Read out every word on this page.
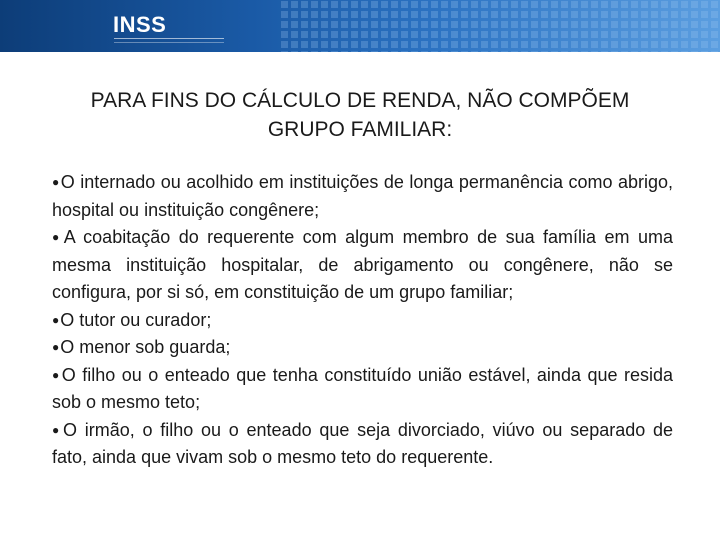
INSS
PARA FINS DO CÁLCULO DE RENDA, NÃO COMPÕEM
GRUPO FAMILIAR:

●O internado ou acolhido em instituições de longa permanência como abrigo, hospital ou instituição congênere;

●A coabitação do requerente com algum membro de sua família em uma mesma instituição hospitalar, de abrigamento ou congênere, não se configura, por si só, em constituição de um grupo familiar;

●O tutor ou curador;

●O menor sob guarda;

●O filho ou o enteado que tenha constituído união estável, ainda que resida sob o mesmo teto;

●O irmão, o filho ou o enteado que seja divorciado, viúvo ou separado de fato, ainda que vivam sob o mesmo teto do requerente.
